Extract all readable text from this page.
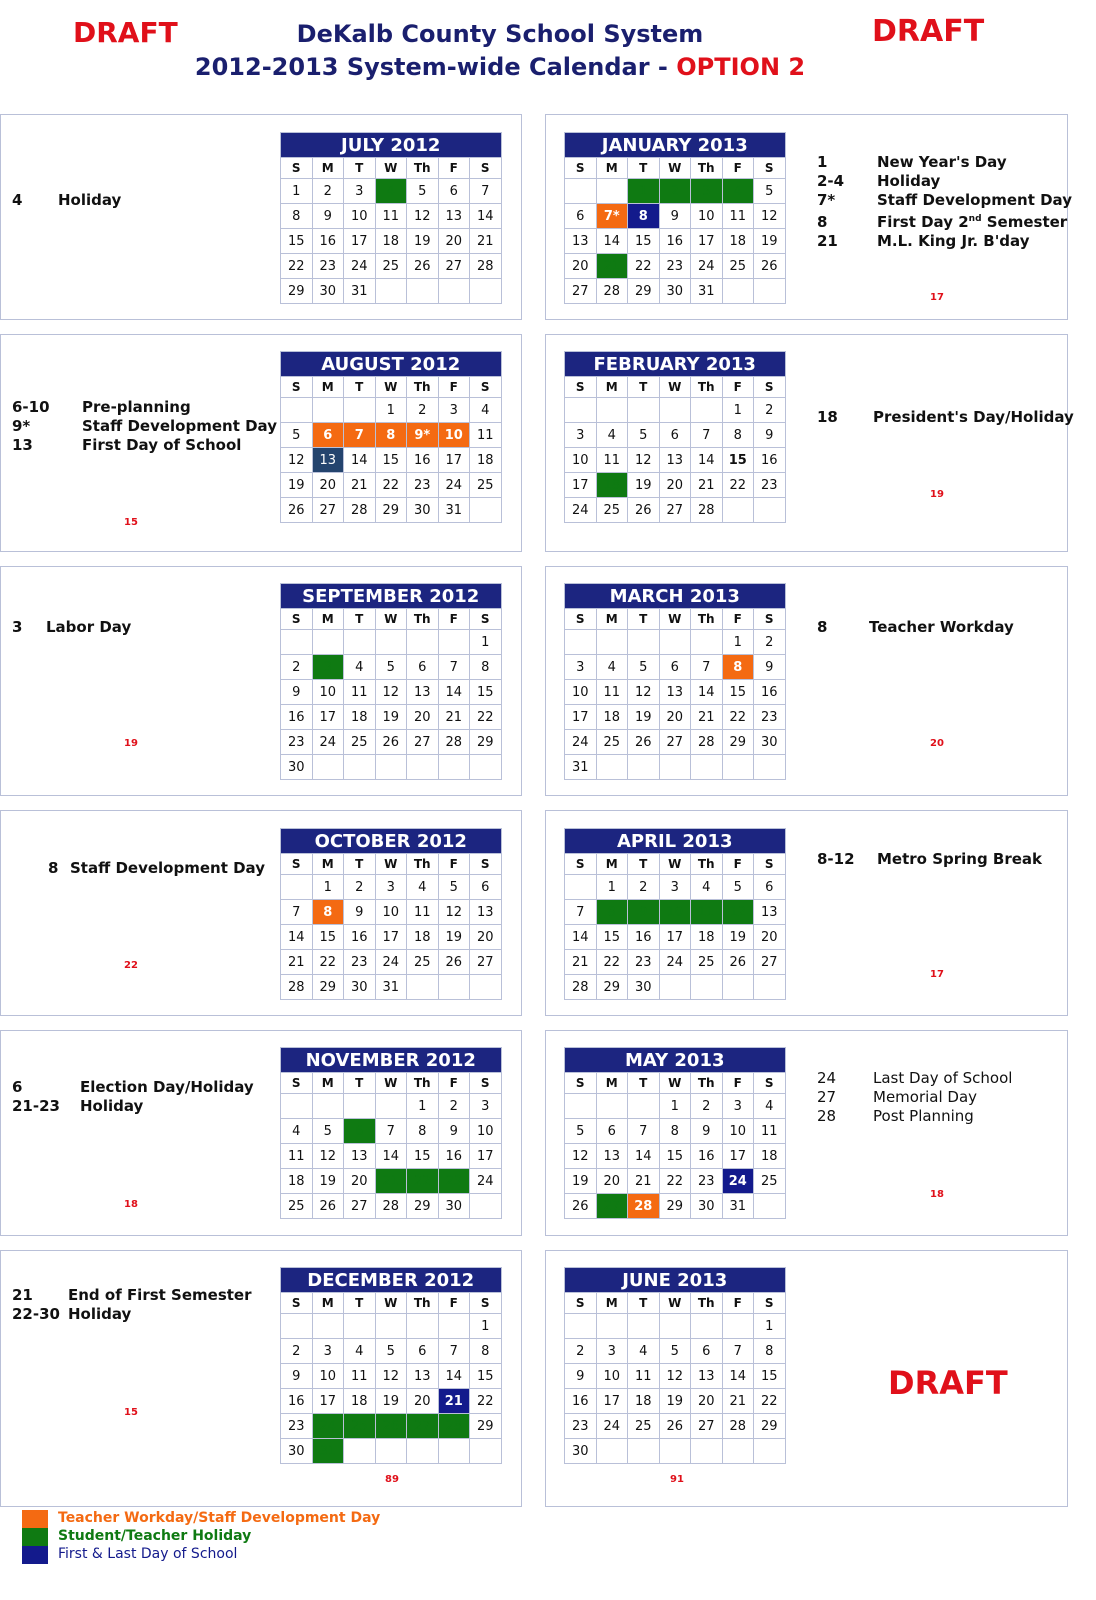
DRAFT	DRAFT
DeKalb County School System
2012-2013 System-wide Calendar - OPTION 2
JULY 2012						
S	M	T	W	Th	F	S
1	2	3	4	5	6	7
8	9	10	11	12	13	14
15	16	17	18	19	20	21
22	23	24	25	26	27	28
29	30	31				
AUGUST 2012						
S	M	T	W	Th	F	S
			1	2	3	4
5	6	7	8	9*	10	11
12	13	14	15	16	17	18
19	20	21	22	23	24	25
26	27	28	29	30	31	
SEPTEMBER 2012						
S	M	T	W	Th	F	S
						1
2	3	4	5	6	7	8
9	10	11	12	13	14	15
16	17	18	19	20	21	22
23	24	25	26	27	28	29
30						
OCTOBER 2012						
S	M	T	W	Th	F	S
	1	2	3	4	5	6
7	8	9	10	11	12	13
14	15	16	17	18	19	20
21	22	23	24	25	26	27
28	29	30	31			
NOVEMBER 2012						
S	M	T	W	Th	F	S
				1	2	3
4	5	6	7	8	9	10
11	12	13	14	15	16	17
18	19	20	21	22	23	24
25	26	27	28	29	30	
DECEMBER 2012						
S	M	T	W	Th	F	S
						1
2	3	4	5	6	7	8
9	10	11	12	13	14	15
16	17	18	19	20	21	22
23	24	25	26	27	28	29
30	31					
JANUARY 2013						
S	M	T	W	Th	F	S
		1	2	3	4	5
6	7*	8	9	10	11	12
13	14	15	16	17	18	19
20	21	22	23	24	25	26
27	28	29	30	31		
FEBRUARY 2013						
S	M	T	W	Th	F	S
					1	2
3	4	5	6	7	8	9
10	11	12	13	14	15	16
17	18	19	20	21	22	23
24	25	26	27	28		
MARCH 2013						
S	M	T	W	Th	F	S
					1	2
3	4	5	6	7	8	9
10	11	12	13	14	15	16
17	18	19	20	21	22	23
24	25	26	27	28	29	30
31						
APRIL 2013						
S	M	T	W	Th	F	S
	1	2	3	4	5	6
7	8	9	10	11	12	13
14	15	16	17	18	19	20
21	22	23	24	25	26	27
28	29	30				
MAY 2013						
S	M	T	W	Th	F	S
			1	2	3	4
5	6	7	8	9	10	11
12	13	14	15	16	17	18
19	20	21	22	23	24	25
26	27	28	29	30	31	
JUNE 2013						
S	M	T	W	Th	F	S
						1
2	3	4	5	6	7	8
9	10	11	12	13	14	15
16	17	18	19	20	21	22
23	24	25	26	27	28	29
30						
4 Holiday
6-10 Pre-planning
9*	Staff Development Day
13	First Day of School
3 Labor Day
8 Staff Development Day
6	Election Day/Holiday
21-23 Holiday
21 End of First Semester
22-30 Holiday
1	New Year's Day
2-4 Holiday
7*	Staff Development Day
8	First Day 2nd Semester
21	M.L. King Jr. B'day
18 President's Day/Holiday
8	Teacher Workday
8-12 Metro Spring Break
24 Last Day of School
27 Memorial Day
28 Post Planning
15
19
22
18
15
89
17
19
20
17
18
91
DRAFT
Teacher Workday/Staff Development Day
Student/Teacher Holiday
First & Last Day of School
